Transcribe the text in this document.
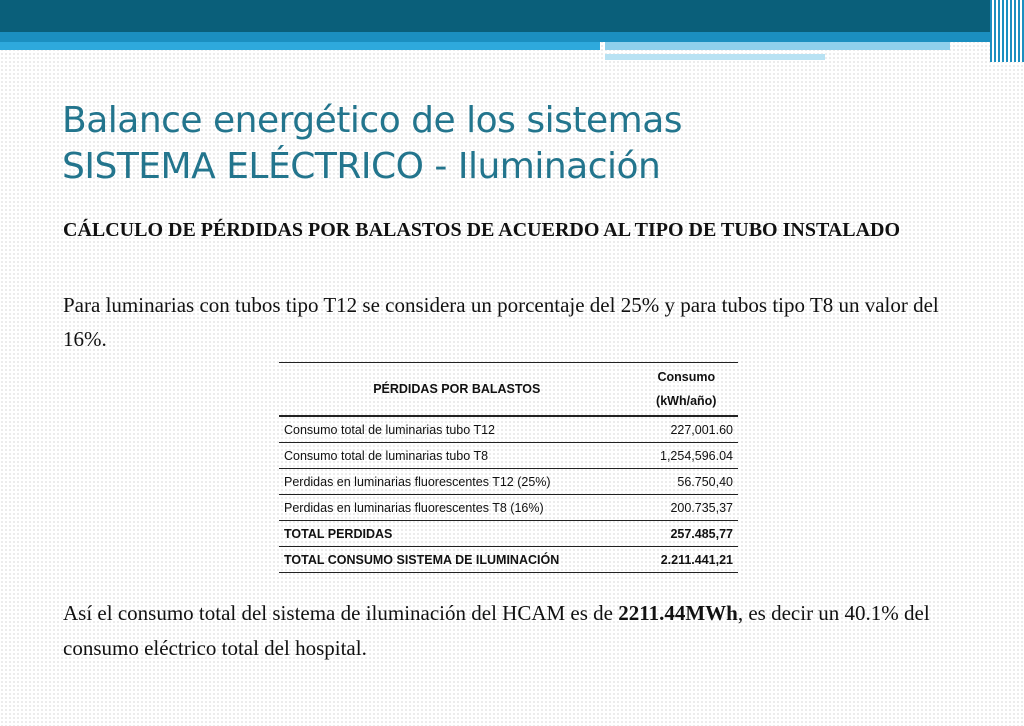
Balance energético de los sistemas
SISTEMA ELÉCTRICO - Iluminación

CÁLCULO DE PÉRDIDAS POR BALASTOS DE ACUERDO AL TIPO DE TUBO INSTALADO

Para luminarias con tubos tipo T12 se considera un porcentaje del 25% y para tubos tipo T8 un valor del 16%.

PÉRDIDAS POR BALASTOS	Consumo
(kWh/año)
Consumo total de luminarias tubo T12	227,001.60
Consumo total de luminarias tubo T8	1,254,596.04
Perdidas en luminarias fluorescentes T12 (25%)	56.750,40
Perdidas en luminarias fluorescentes T8 (16%)	200.735,37
TOTAL PERDIDAS	257.485,77
TOTAL CONSUMO SISTEMA DE ILUMINACIÓN	2.211.441,21

Así el consumo total del sistema de iluminación del HCAM es de 2211.44MWh, es decir un 40.1% del consumo eléctrico total del hospital.
